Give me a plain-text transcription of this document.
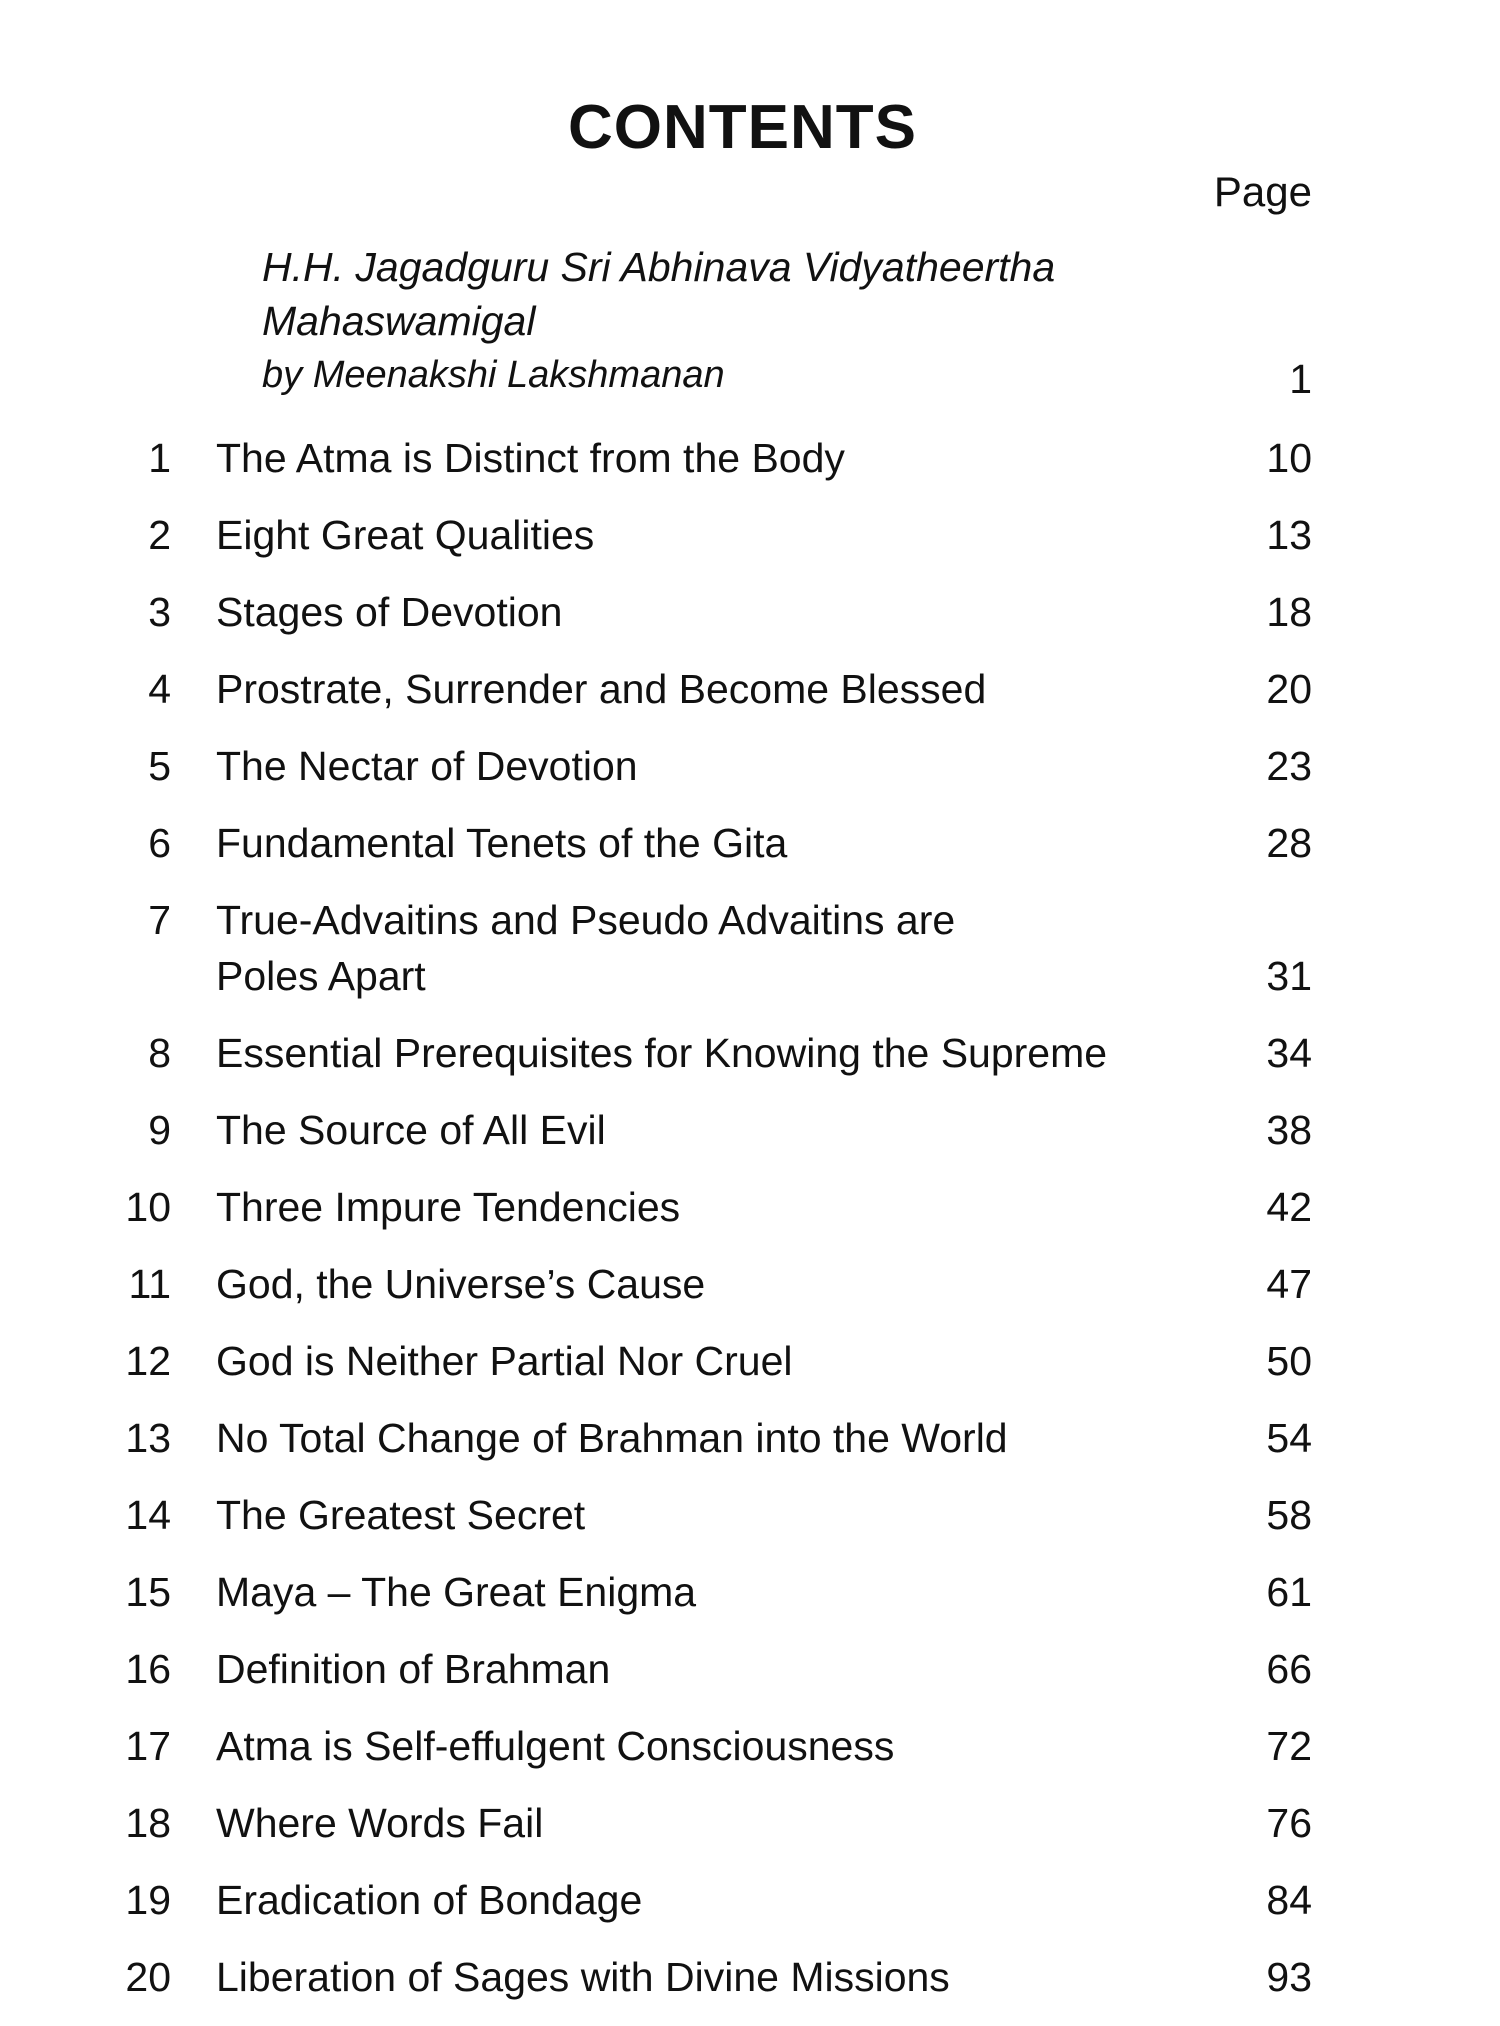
CONTENTS
Page
H.H. Jagadguru Sri Abhinava Vidyatheertha
Mahaswamigal
by Meenakshi Lakshmanan	1
1	The Atma is Distinct from the Body	10
2	Eight Great Qualities	13
3	Stages of Devotion	18
4	Prostrate, Surrender and Become Blessed	20
5	The Nectar of Devotion	23
6	Fundamental Tenets of the Gita	28
7	True-Advaitins and Pseudo Advaitins are
Poles Apart	31
8	Essential Prerequisites for Knowing the Supreme	34
9	The Source of All Evil	38
10	Three Impure Tendencies	42
11	God, the Universe’s Cause	47
12	God is Neither Partial Nor Cruel	50
13	No Total Change of Brahman into the World	54
14	The Greatest Secret	58
15	Maya – The Great Enigma	61
16	Definition of Brahman	66
17	Atma is Self-effulgent Consciousness	72
18	Where Words Fail	76
19	Eradication of Bondage	84
20	Liberation of Sages with Divine Missions	93
